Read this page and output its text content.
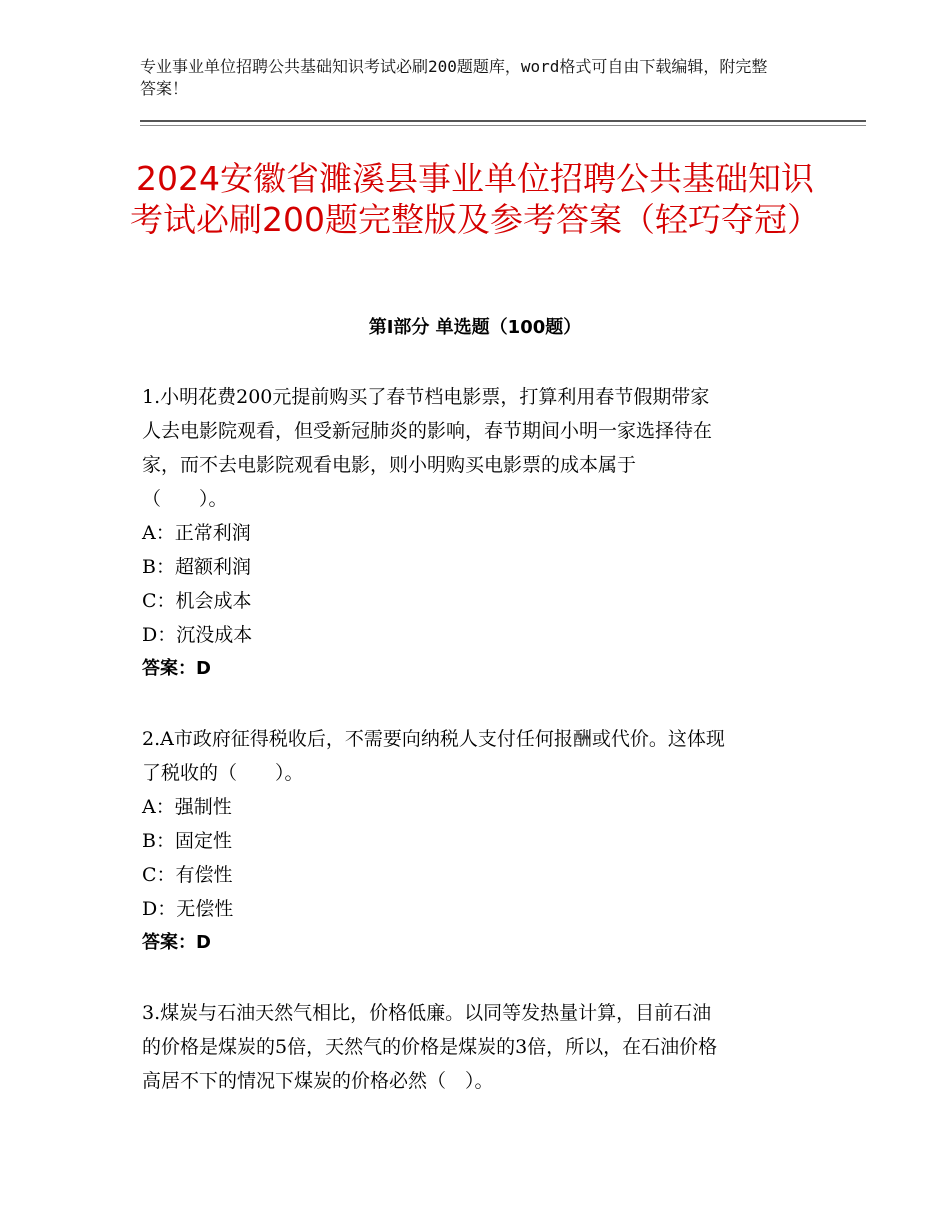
专业事业单位招聘公共基础知识考试必刷200题题库，word格式可自由下载编辑，附完整答案！
2024安徽省濉溪县事业单位招聘公共基础知识考试必刷200题完整版及参考答案（轻巧夺冠）
第Ⅰ部分 单选题（100题）

1.小明花费200元提前购买了春节档电影票，打算利用春节假期带家

人去电影院观看，但受新冠肺炎的影响，春节期间小明一家选择待在

家，而不去电影院观看电影，则小明购买电影票的成本属于

（　　）。

A：正常利润

B：超额利润

C：机会成本

D：沉没成本

答案：D

2.A市政府征得税收后，不需要向纳税人支付任何报酬或代价。这体现

了税收的（　　）。

A：强制性

B：固定性

C：有偿性

D：无偿性

答案：D

3.煤炭与石油天然气相比，价格低廉。以同等发热量计算，目前石油

的价格是煤炭的5倍，天然气的价格是煤炭的3倍，所以，在石油价格

高居不下的情况下煤炭的价格必然（　）。
